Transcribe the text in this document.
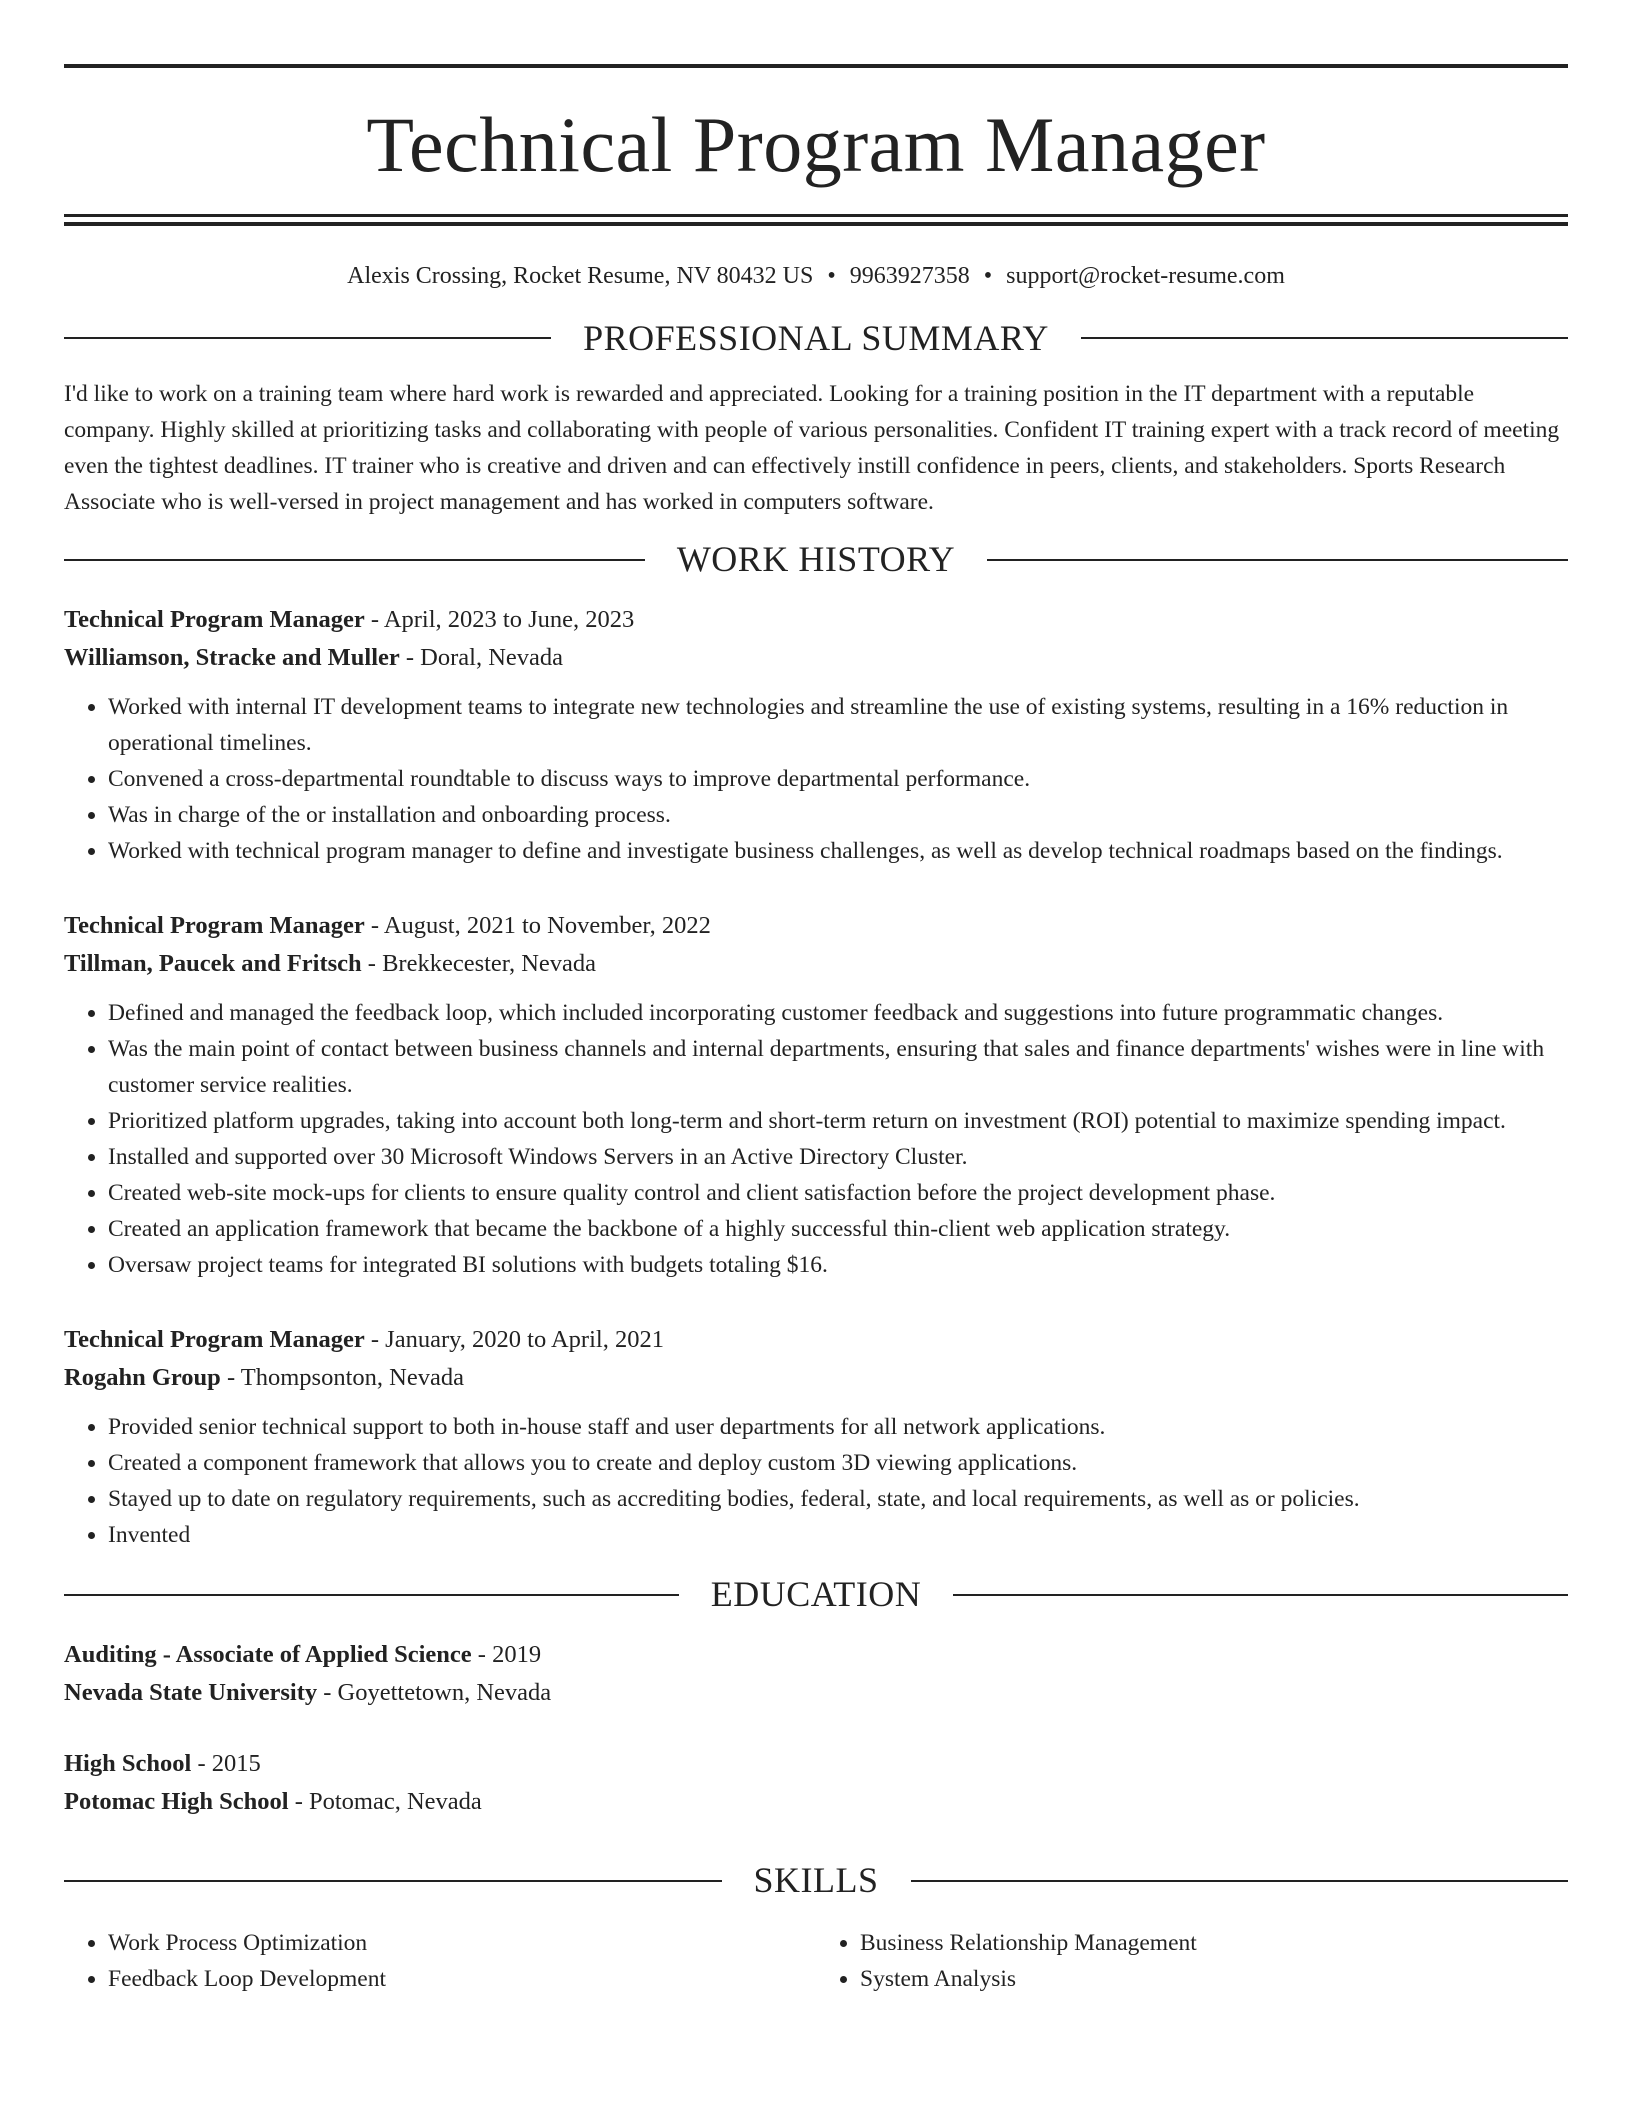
Technical Program Manager
Alexis Crossing, Rocket Resume, NV 80432 US • 9963927358 • support@rocket-resume.com
PROFESSIONAL SUMMARY
I'd like to work on a training team where hard work is rewarded and appreciated. Looking for a training position in the IT department with a reputable company. Highly skilled at prioritizing tasks and collaborating with people of various personalities. Confident IT training expert with a track record of meeting even the tightest deadlines. IT trainer who is creative and driven and can effectively instill confidence in peers, clients, and stakeholders. Sports Research Associate who is well-versed in project management and has worked in computers software.
WORK HISTORY
Technical Program Manager - April, 2023 to June, 2023
Williamson, Stracke and Muller - Doral, Nevada
• Worked with internal IT development teams to integrate new technologies and streamline the use of existing systems, resulting in a 16% reduction in operational timelines.
• Convened a cross-departmental roundtable to discuss ways to improve departmental performance.
• Was in charge of the or installation and onboarding process.
• Worked with technical program manager to define and investigate business challenges, as well as develop technical roadmaps based on the findings.
Technical Program Manager - August, 2021 to November, 2022
Tillman, Paucek and Fritsch - Brekkecester, Nevada
• Defined and managed the feedback loop, which included incorporating customer feedback and suggestions into future programmatic changes.
• Was the main point of contact between business channels and internal departments, ensuring that sales and finance departments' wishes were in line with customer service realities.
• Prioritized platform upgrades, taking into account both long-term and short-term return on investment (ROI) potential to maximize spending impact.
• Installed and supported over 30 Microsoft Windows Servers in an Active Directory Cluster.
• Created web-site mock-ups for clients to ensure quality control and client satisfaction before the project development phase.
• Created an application framework that became the backbone of a highly successful thin-client web application strategy.
• Oversaw project teams for integrated BI solutions with budgets totaling $16.
Technical Program Manager - January, 2020 to April, 2021
Rogahn Group - Thompsonton, Nevada
• Provided senior technical support to both in-house staff and user departments for all network applications.
• Created a component framework that allows you to create and deploy custom 3D viewing applications.
• Stayed up to date on regulatory requirements, such as accrediting bodies, federal, state, and local requirements, as well as or policies.
• Invented
EDUCATION
Auditing - Associate of Applied Science - 2019
Nevada State University - Goyettetown, Nevada
High School - 2015
Potomac High School - Potomac, Nevada
SKILLS
• Work Process Optimization
• Feedback Loop Development
• Business Relationship Management
• System Analysis
